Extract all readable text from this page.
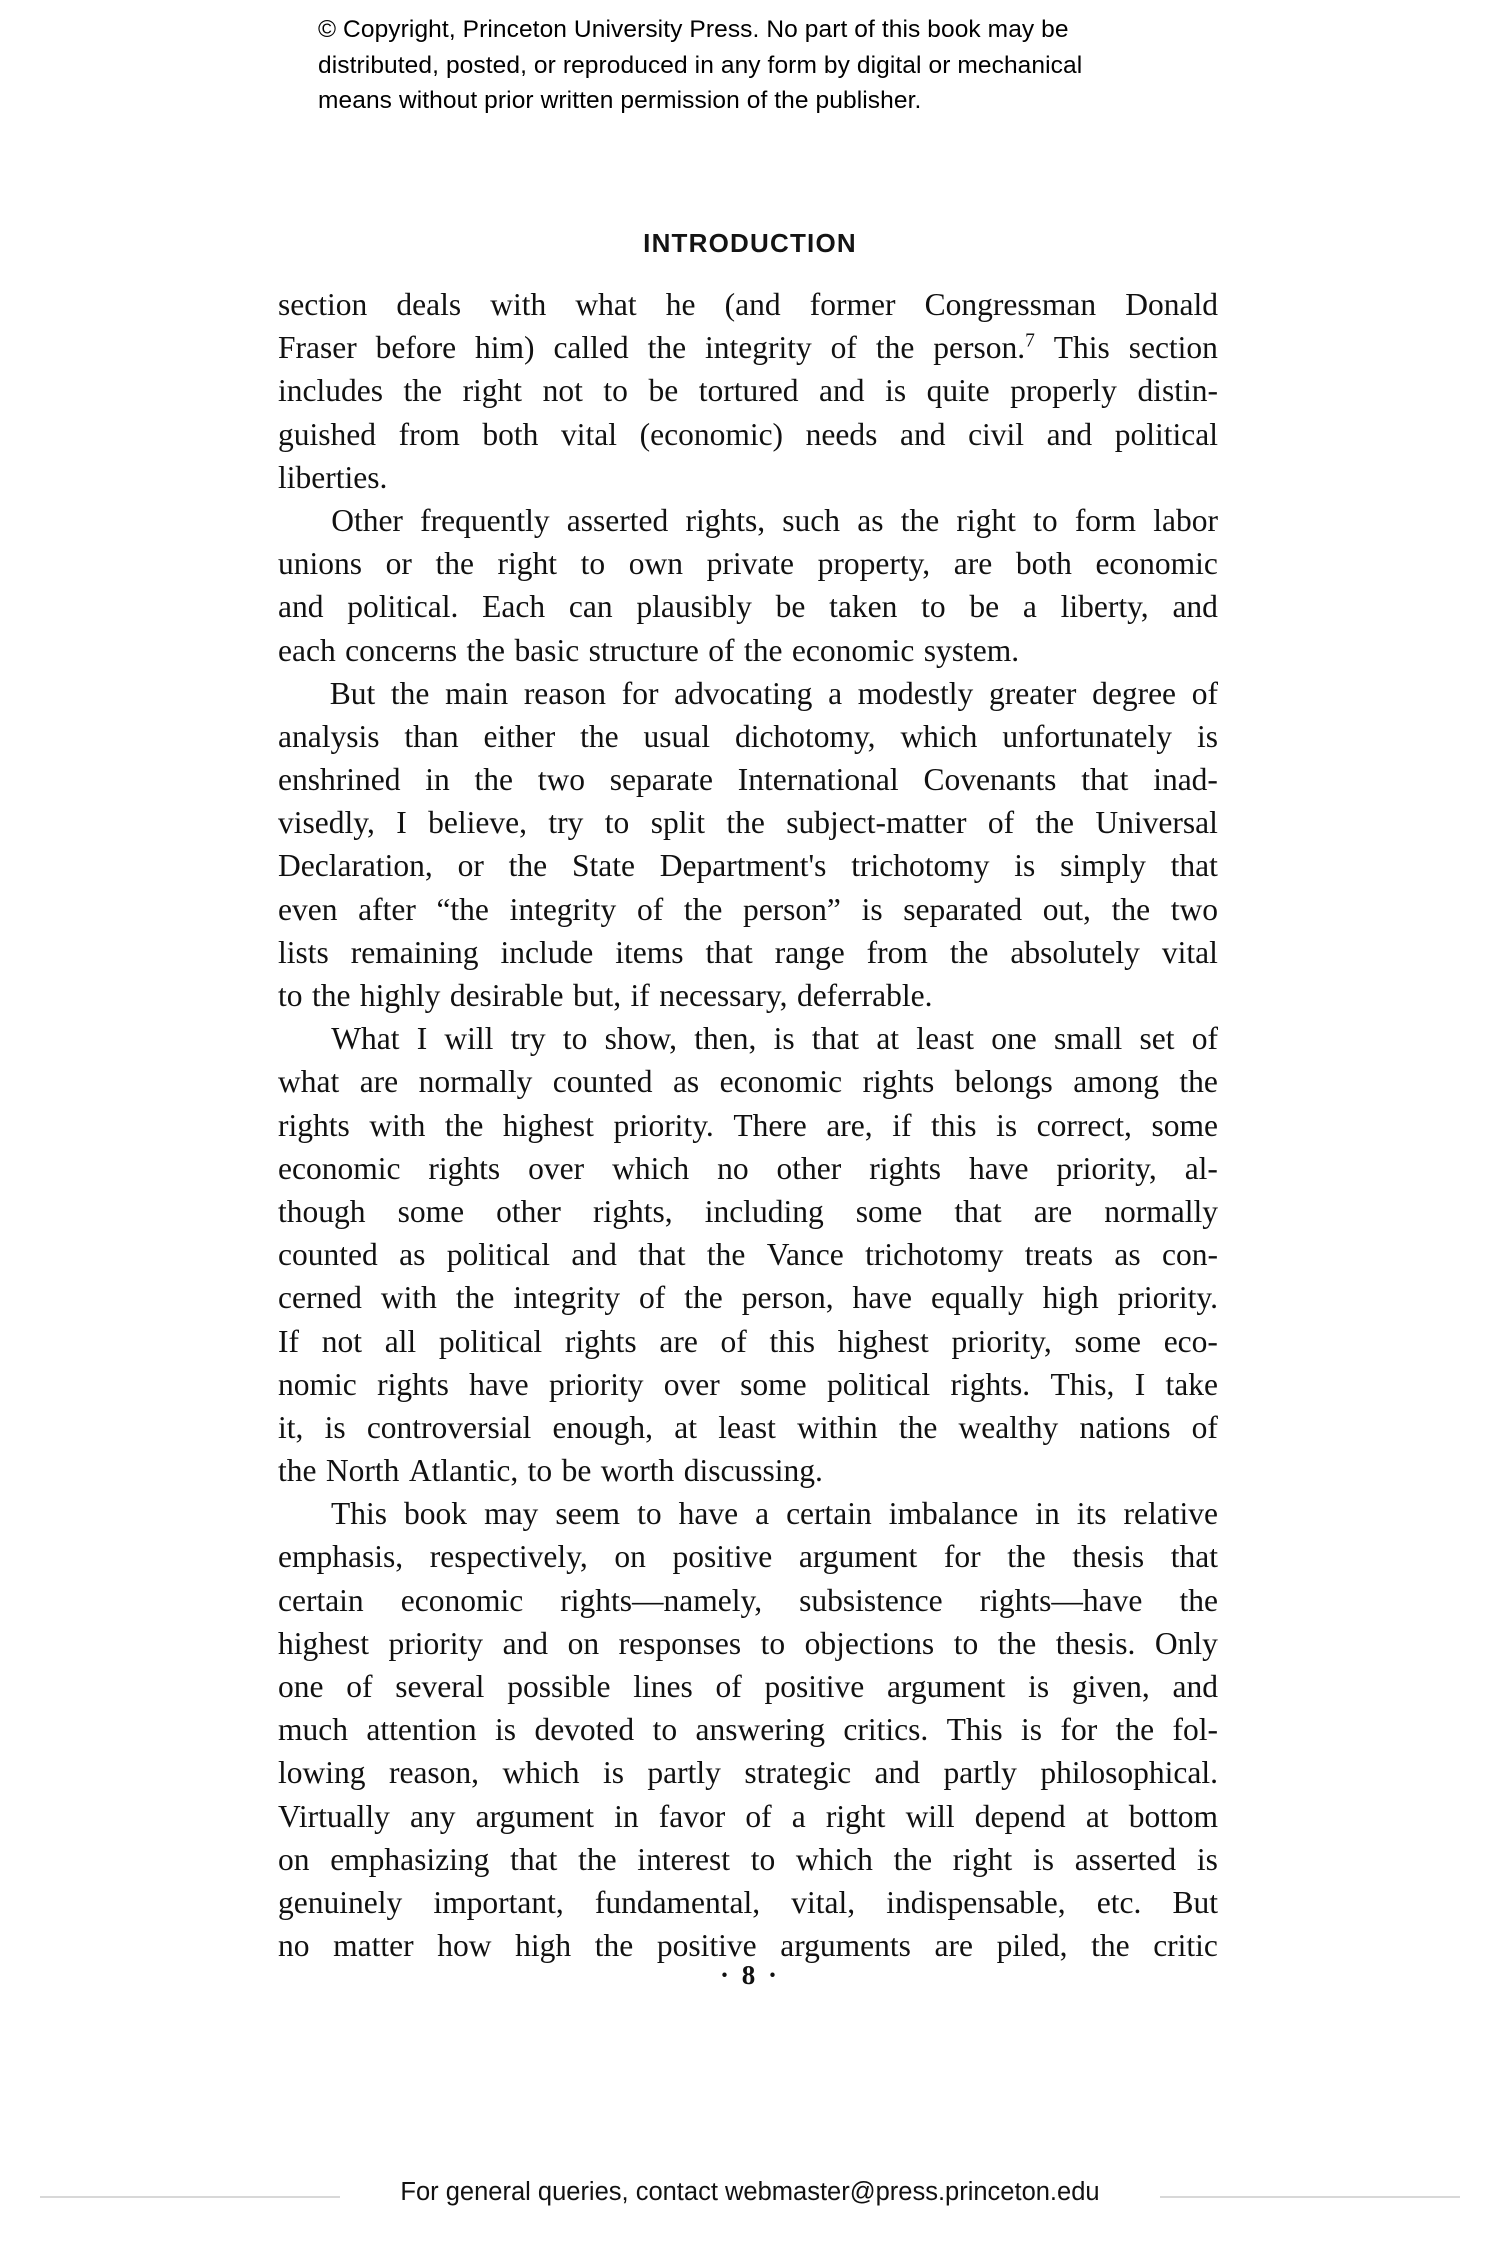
© Copyright, Princeton University Press. No part of this book may be
distributed, posted, or reproduced in any form by digital or mechanical
means without prior written permission of the publisher.
INTRODUCTION
section deals with what he (and former Congressman Donald
Fraser before him) called the integrity of the person.$^7$ This section
includes the right not to be tortured and is quite properly distin-
guished from both vital (economic) needs and civil and political
liberties.
Other frequently asserted rights, such as the right to form labor
unions or the right to own private property, are both economic
and political. Each can plausibly be taken to be a liberty, and
each concerns the basic structure of the economic system.
But the main reason for advocating a modestly greater degree of
analysis than either the usual dichotomy, which unfortunately is
enshrined in the two separate International Covenants that inad-
visedly, I believe, try to split the subject-matter of the Universal
Declaration, or the State Department's trichotomy is simply that
even after “the integrity of the person” is separated out, the two
lists remaining include items that range from the absolutely vital
to the highly desirable but, if necessary, deferrable.
What I will try to show, then, is that at least one small set of
what are normally counted as economic rights belongs among the
rights with the highest priority. There are, if this is correct, some
economic rights over which no other rights have priority, al-
though some other rights, including some that are normally
counted as political and that the Vance trichotomy treats as con-
cerned with the integrity of the person, have equally high priority.
If not all political rights are of this highest priority, some eco-
nomic rights have priority over some political rights. This, I take
it, is controversial enough, at least within the wealthy nations of
the North Atlantic, to be worth discussing.
This book may seem to have a certain imbalance in its relative
emphasis, respectively, on positive argument for the thesis that
certain economic rights—namely, subsistence rights—have the
highest priority and on responses to objections to the thesis. Only
one of several possible lines of positive argument is given, and
much attention is devoted to answering critics. This is for the fol-
lowing reason, which is partly strategic and partly philosophical.
Virtually any argument in favor of a right will depend at bottom
on emphasizing that the interest to which the right is asserted is
genuinely important, fundamental, vital, indispensable, etc. But
no matter how high the positive arguments are piled, the critic
· 8 ·
For general queries, contact webmaster@press.princeton.edu
